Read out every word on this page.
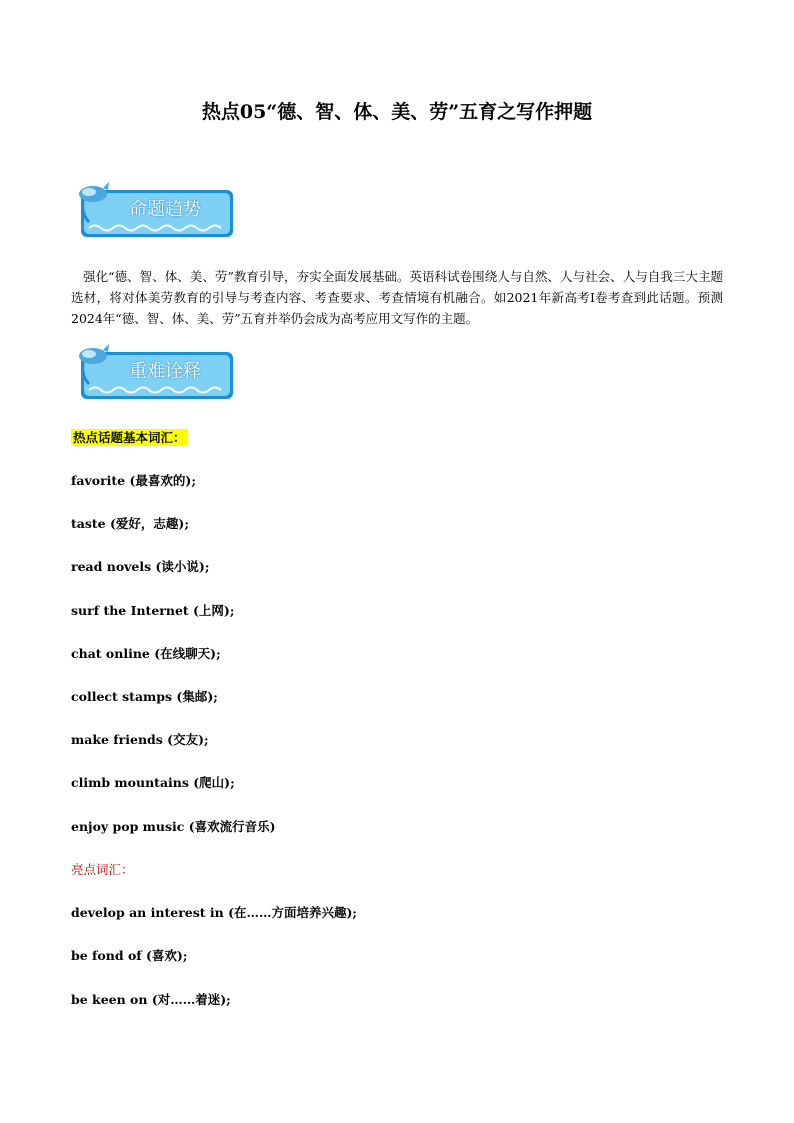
热点05“德、智、体、美、劳”五育之写作押题
命题趋势
强化“德、智、体、美、劳”教育引导，夯实全面发展基础。英语科试卷围绕人与自然、人与社会、人与自我三大主题选材，将对体美劳教育的引导与考查内容、考查要求、考查情境有机融合。如2021年新高考I卷考查到此话题。预测2024年“德、智、体、美、劳”五育并举仍会成为高考应用文写作的主题。
重难诠释
热点话题基本词汇：
favorite (最喜欢的);
taste (爱好，志趣);
read novels (读小说);
surf the Internet (上网);
chat online (在线聊天);
collect stamps (集邮);
make friends (交友);
climb mountains (爬山);
enjoy pop music (喜欢流行音乐)
亮点词汇：
develop an interest in (在……方面培养兴趣);
be fond of (喜欢);
be keen on (对……着迷);
